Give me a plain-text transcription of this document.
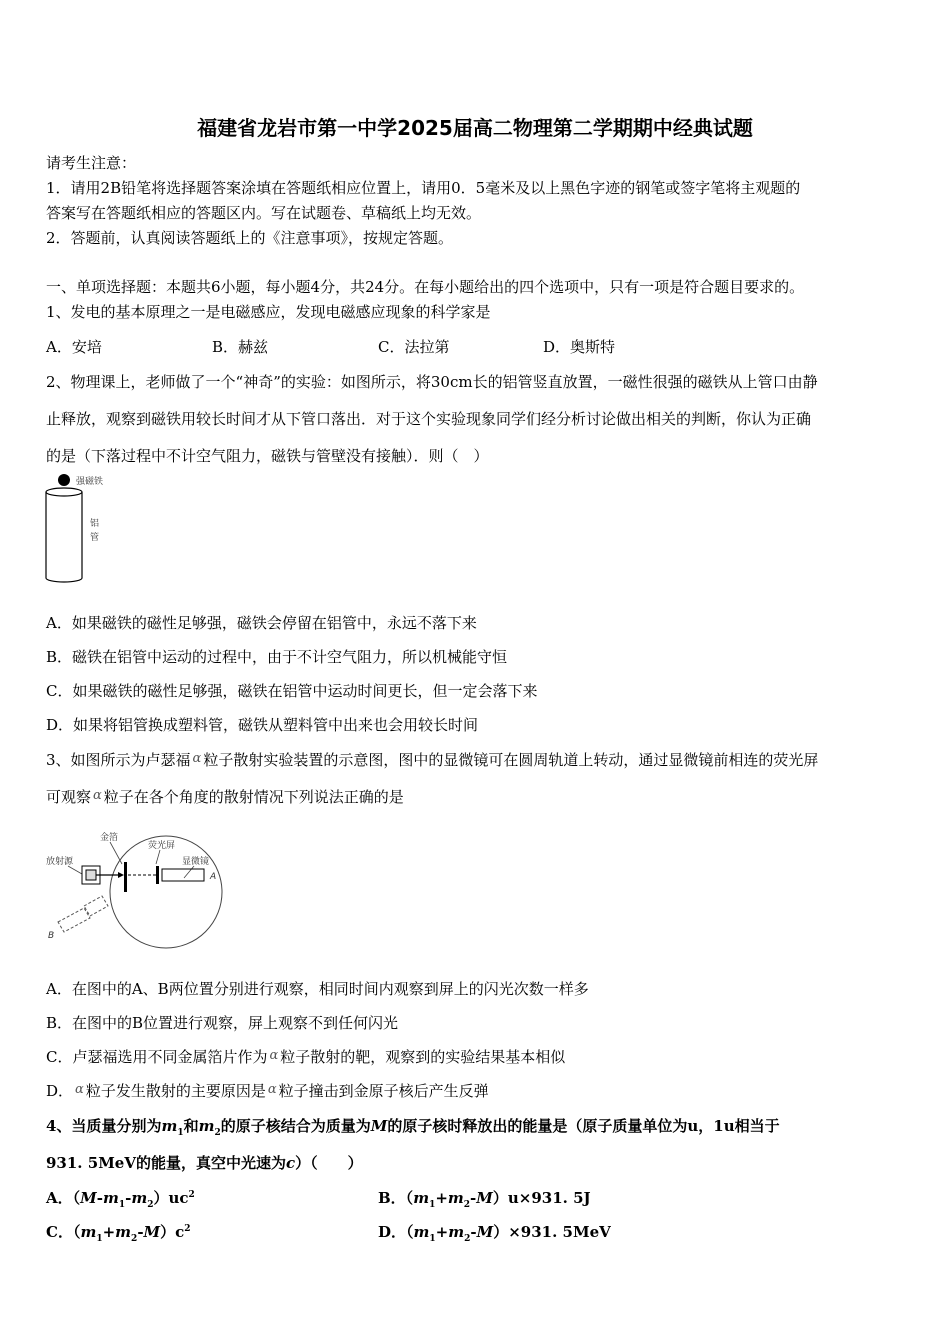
福建省龙岩市第一中学2025届高二物理第二学期期中经典试题
请考生注意：
1．请用2B铅笔将选择题答案涂填在答题纸相应位置上，请用0．5毫米及以上黑色字迹的钢笔或签字笔将主观题的
答案写在答题纸相应的答题区内。写在试题卷、草稿纸上均无效。
2．答题前，认真阅读答题纸上的《注意事项》，按规定答题。
一、单项选择题：本题共6小题，每小题4分，共24分。在每小题给出的四个选项中，只有一项是符合题目要求的。
1、发电的基本原理之一是电磁感应，发现电磁感应现象的科学家是
A．安培	B．赫兹	C．法拉第	D．奥斯特
2、物理课上，老师做了一个“神奇”的实验：如图所示，将30cm长的铝管竖直放置，一磁性很强的磁铁从上管口由静
止释放，观察到磁铁用较长时间才从下管口落出．对于这个实验现象同学们经分析讨论做出相关的判断，你认为正确
的是（下落过程中不计空气阻力，磁铁与管壁没有接触）．则（　）
强磁铁
铝
管
A．如果磁铁的磁性足够强，磁铁会停留在铝管中，永远不落下来
B．磁铁在铝管中运动的过程中，由于不计空气阻力，所以机械能守恒
C．如果磁铁的磁性足够强，磁铁在铝管中运动时间更长，但一定会落下来
D．如果将铝管换成塑料管，磁铁从塑料管中出来也会用较长时间
3、如图所示为卢瑟福 α 粒子散射实验装置的示意图，图中的显微镜可在圆周轨道上转动，通过显微镜前相连的荧光屏
可观察 α 粒子在各个角度的散射情况下列说法正确的是
金箔
荧光屏
放射源	显微镜
A
B
A．在图中的A、B两位置分别进行观察，相同时间内观察到屏上的闪光次数一样多
B．在图中的B位置进行观察，屏上观察不到任何闪光
C．卢瑟福选用不同金属箔片作为 α 粒子散射的靶，观察到的实验结果基本相似
D． α 粒子发生散射的主要原因是 α 粒子撞击到金原子核后产生反弹
4、当质量分别为$m_1$和$m_2$的原子核结合为质量为M的原子核时释放出的能量是（原子质量单位为u，1u相当于
931. 5MeV的能量，真空中光速为c）（　　）
A．$(M-m_1-m_2)uc^2$	B．$(m_1+m_2-M)u\times 931$. 5J
C．$(m_1+m_2-M)c^2$	D．$(m_1+m_2-M)\times 931$. 5MeV
